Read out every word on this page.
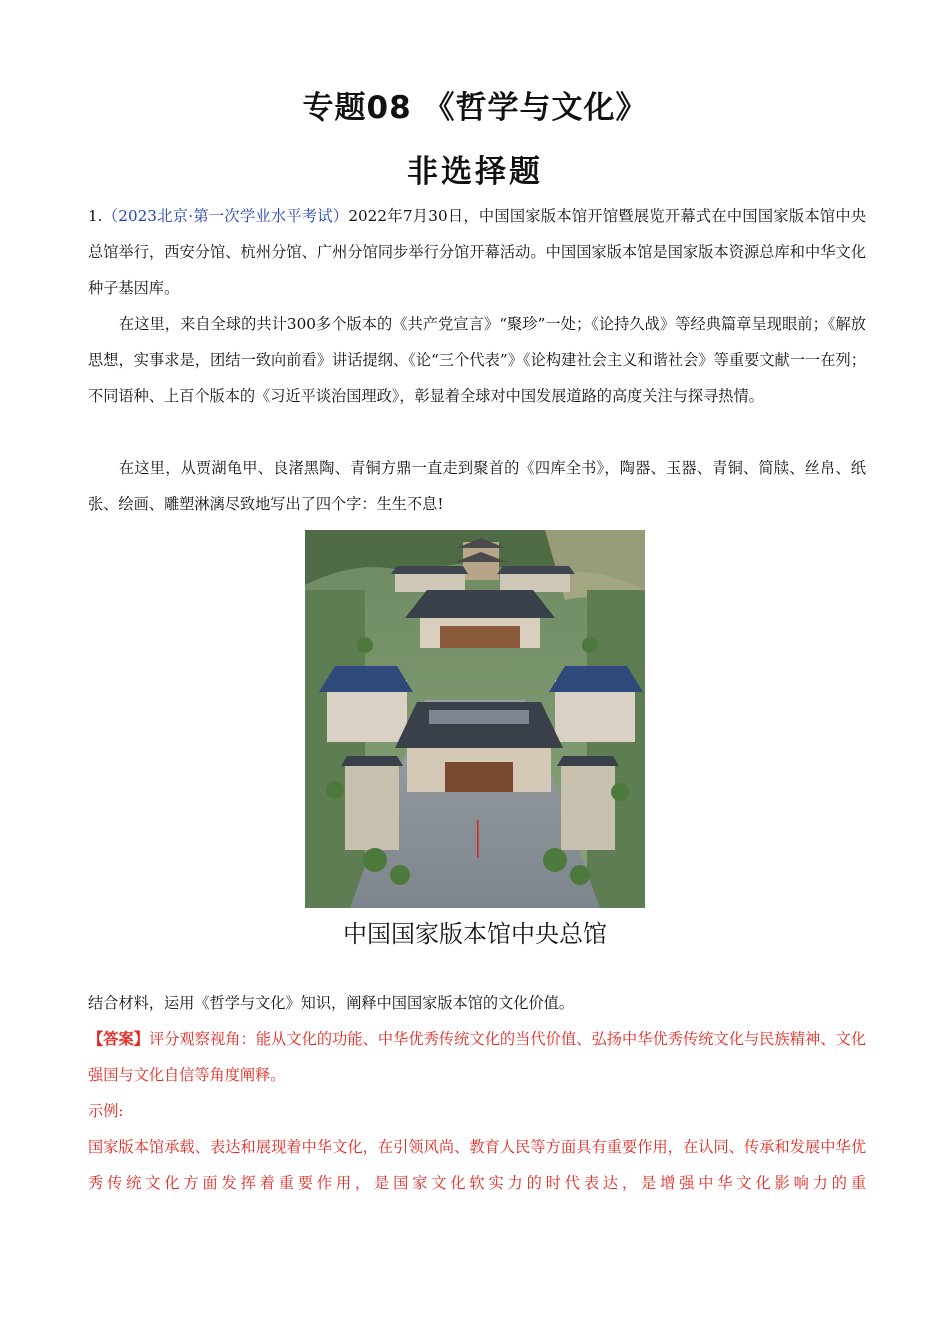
专题08 《哲学与文化》
非选择题

1.（2023北京·第一次学业水平考试）2022年7月30日，中国国家版本馆开馆暨展览开幕式在中国国家版本馆中央总馆举行，西安分馆、杭州分馆、广州分馆同步举行分馆开幕活动。中国国家版本馆是国家版本资源总库和中华文化种子基因库。

在这里，来自全球的共计300多个版本的《共产党宣言》“聚珍”一处；《论持久战》等经典篇章呈现眼前；《解放思想，实事求是，团结一致向前看》讲话提纲、《论“三个代表”》《论构建社会主义和谐社会》等重要文献一一在列；不同语种、上百个版本的《习近平谈治国理政》，彰显着全球对中国发展道路的高度关注与探寻热情。

在这里，从贾湖龟甲、良渚黑陶、青铜方鼎一直走到聚首的《四库全书》，陶器、玉器、青铜、简牍、丝帛、纸张、绘画、雕塑淋漓尽致地写出了四个字：生生不息!

中国国家版本馆中央总馆

结合材料，运用《哲学与文化》知识，阐释中国国家版本馆的文化价值。

【答案】评分观察视角：能从文化的功能、中华优秀传统文化的当代价值、弘扬中华优秀传统文化与民族精神、文化强国与文化自信等角度阐释。

示例:

国家版本馆承载、表达和展现着中华文化，在引领风尚、教育人民等方面具有重要作用，在认同、传承和发展中华优秀传统文化方面发挥着重要作用，是国家文化软实力的时代表达，是增强中华文化影响力的重
